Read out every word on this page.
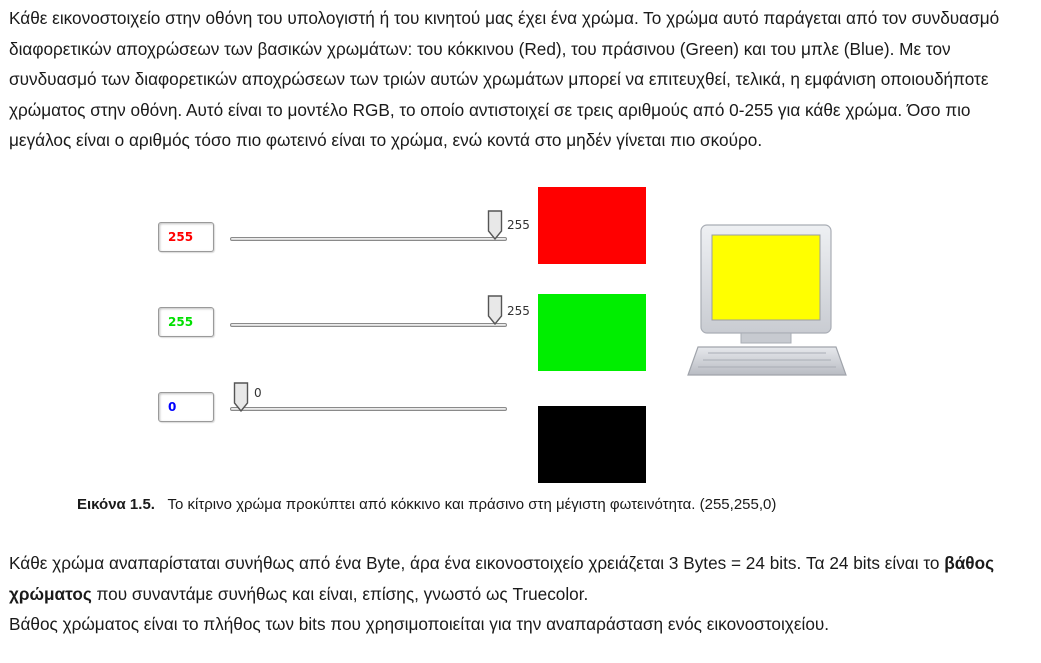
Κάθε εικονοστοιχείο στην οθόνη του υπολογιστή ή του κινητού μας έχει ένα χρώμα. Το χρώμα αυτό παράγεται από τον συνδυασμό διαφορετικών αποχρώσεων των βασικών χρωμάτων: του κόκκινου (Red), του πράσινου (Green) και του μπλε (Blue). Με τον συνδυασμό των διαφορετικών αποχρώσεων των τριών αυτών χρωμάτων μπορεί να επιτευχθεί, τελικά, η εμφάνιση οποιουδήποτε χρώματος στην οθόνη. Αυτό είναι το μοντέλο RGB, το οποίο αντιστοιχεί σε τρεις αριθμούς από 0-255 για κάθε χρώμα. Όσο πιο μεγάλος είναι ο αριθμός τόσο πιο φωτεινό είναι το χρώμα, ενώ κοντά στο μηδέν γίνεται πιο σκούρο.

255
255
255
255
0
0

Εικόνα 1.5. Το κίτρινο χρώμα προκύπτει από κόκκινο και πράσινο στη μέγιστη φωτεινότητα. (255,255,0)

Κάθε χρώμα αναπαρίσταται συνήθως από ένα Byte, άρα ένα εικονοστοιχείο χρειάζεται 3 Bytes = 24 bits. Τα 24 bits είναι το βάθος χρώματος που συναντάμε συνήθως και είναι, επίσης, γνωστό ως Truecolor.
Βάθος χρώματος είναι το πλήθος των bits που χρησιμοποιείται για την αναπαράσταση ενός εικονοστοιχείου.
